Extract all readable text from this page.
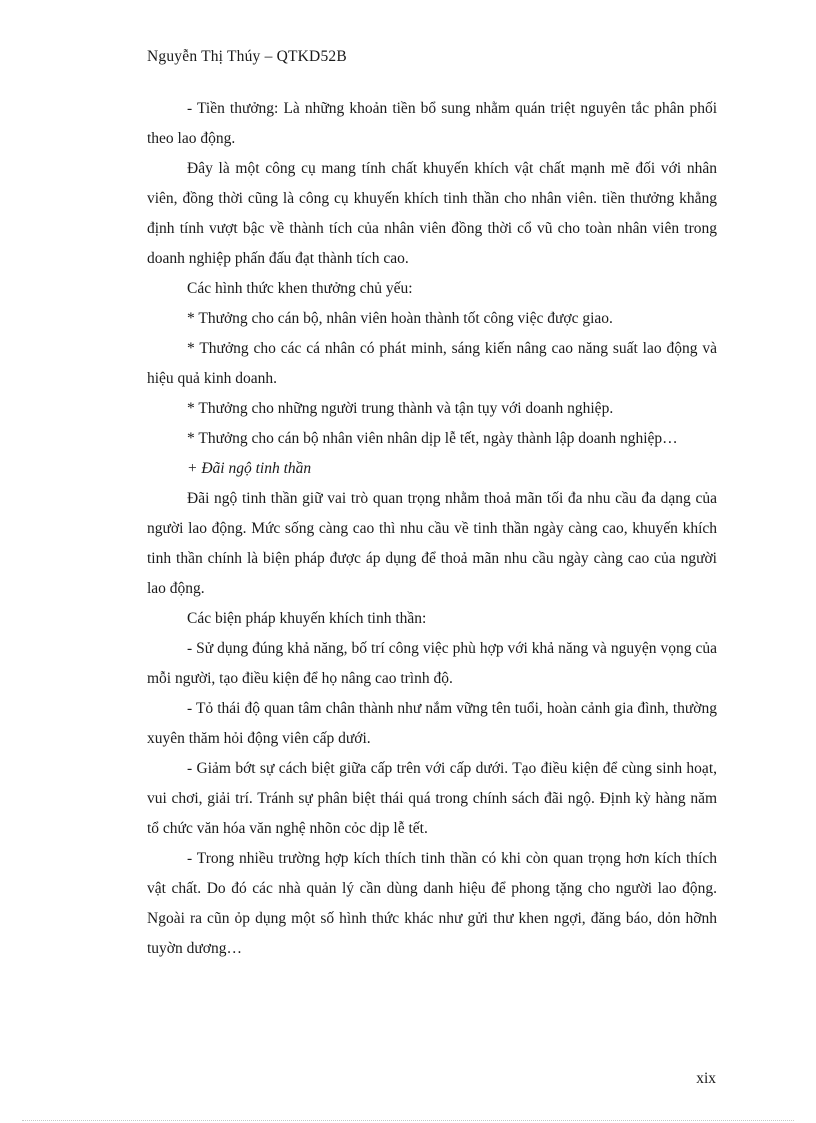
Nguyễn Thị Thúy – QTKD52B

- Tiền thưởng: Là những khoản tiền bổ sung nhằm quán triệt nguyên tắc phân phối theo lao động.

Đây là một công cụ mang tính chất khuyến khích vật chất mạnh mẽ đối với nhân viên, đồng thời cũng là công cụ khuyến khích tinh thần cho nhân viên. tiền thưởng khẳng định tính vượt bậc về thành tích của nhân viên đồng thời cổ vũ cho toàn nhân viên trong doanh nghiệp phấn đấu đạt thành tích cao.

Các hình thức khen thưởng chủ yếu:

* Thưởng cho cán bộ, nhân viên hoàn thành tốt công việc được giao.

* Thưởng cho các cá nhân có phát minh, sáng kiến nâng cao năng suất lao động và hiệu quả kinh doanh.

* Thưởng cho những người trung thành và tận tụy với doanh nghiệp.

* Thưởng cho cán bộ nhân viên nhân dịp lễ tết, ngày thành lập doanh nghiệp…

+ Đãi ngộ tinh thần

Đãi ngộ tinh thần giữ vai trò quan trọng nhằm thoả mãn tối đa nhu cầu đa dạng của người lao động. Mức sống càng cao thì nhu cầu về tinh thần ngày càng cao, khuyến khích tinh thần chính là biện pháp được áp dụng để thoả mãn nhu cầu ngày càng cao của người lao động.

Các biện pháp khuyến khích tinh thần:

- Sử dụng đúng khả năng, bố trí công việc phù hợp với khả năng và nguyện vọng của mỗi người, tạo điều kiện để họ nâng cao trình độ.

- Tỏ thái độ quan tâm chân thành như nắm vững tên tuổi, hoàn cảnh gia đình, thường xuyên thăm hỏi động viên cấp dưới.

- Giảm bớt sự cách biệt giữa cấp trên với cấp dưới. Tạo điều kiện để cùng sinh hoạt, vui chơi, giải trí. Tránh sự phân biệt thái quá trong chính sách đãi ngộ. Định kỳ hàng năm tổ chức văn hóa văn nghệ nhõn cỏc dịp lễ tết.

- Trong nhiều trường hợp kích thích tinh thần có khi còn quan trọng hơn kích thích vật chất. Do đó các nhà quản lý cần dùng danh hiệu để phong tặng cho người lao động. Ngoài ra cũn ỏp dụng một số hình thức khác như gửi thư khen ngợi, đăng báo, dỏn hỡnh tuyờn dương…

xix
